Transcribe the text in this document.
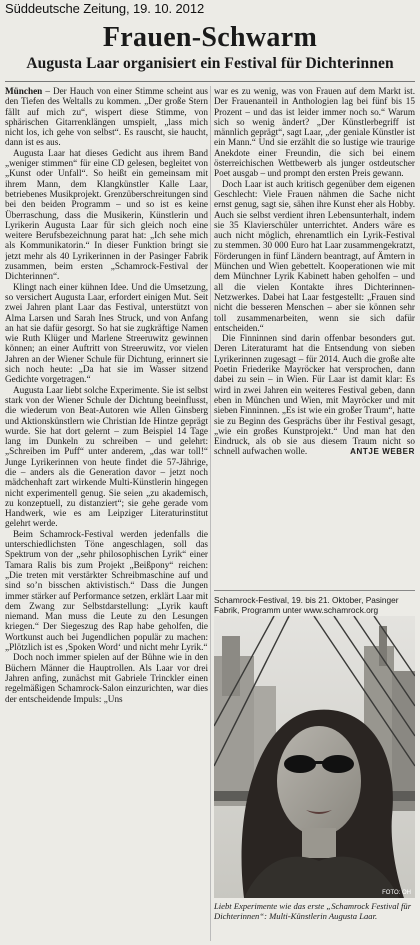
Süddeutsche Zeitung, 19. 10. 2012
Frauen-Schwarm
Augusta Laar organisiert ein Festival für Dichterinnen

München – Der Hauch von einer Stimme scheint aus den Tiefen des Weltalls zu kommen. „Der große Stern fällt auf mich zu“, wispert diese Stimme, von sphärischen Gitarrenklängen umspielt, „lass mich nicht los, ich gehe von selbst“. Es rauscht, sie haucht, dann ist es aus.

Augusta Laar hat dieses Gedicht aus ihrem Band „weniger stimmen“ für eine CD gelesen, begleitet von „Kunst oder Unfall“. So heißt ein gemeinsam mit ihrem Mann, dem Klangkünstler Kalle Laar, betriebenes Musikprojekt. Grenzüberschreitungen sind bei den beiden Programm – und so ist es keine Überraschung, dass die Musikerin, Künstlerin und Lyrikerin Augusta Laar für sich gleich noch eine weitere Berufsbezeichnung parat hat: „Ich sehe mich als Kommunikatorin.“ In dieser Funktion bringt sie jetzt mehr als 40 Lyrikerinnen in der Pasinger Fabrik zusammen, beim ersten „Schamrock-Festival der Dichterinnen“.

Klingt nach einer kühnen Idee. Und die Umsetzung, so versichert Augusta Laar, erfordert einigen Mut. Seit zwei Jahren plant Laar das Festival, unterstützt von Alma Larsen und Sarah Ines Struck, und von Anfang an hat sie dafür gesorgt. So hat sie zugkräftige Namen wie Ruth Klüger und Marlene Streeruwitz gewinnen können; an einer Auftritt von Streeruwitz, vor vielen Jahren an der Wiener Schule für Dichtung, erinnert sie sich noch heute: „Da hat sie im Wasser sitzend Gedichte vorgetragen.“

Augusta Laar liebt solche Experimente. Sie ist selbst stark von der Wiener Schule der Dichtung beeinflusst, die wiederum von Beat-Autoren wie Allen Ginsberg und Aktionskünstlern wie Christian Ide Hintze geprägt wurde. Sie hat dort gelernt – zum Beispiel 14 Tage lang im Dunkeln zu schreiben – und gelehrt: „Schreiben im Puff“ unter anderem, „das war toll!“ Junge Lyrikerinnen von heute findet die 57-Jährige, die – anders als die Generation davor – jetzt noch mädchenhaft zart wirkende Multi-Künstlerin hingegen nicht experimentell genug. Sie seien „zu akademisch, zu konzeptuell, zu distanziert“; sie gehe gerade vom Handwerk, wie es am Leipziger Literaturinstitut gelehrt werde.

Beim Schamrock-Festival werden jedenfalls die unterschiedlichsten Töne angeschlagen, soll das Spektrum von der „sehr philosophischen Lyrik“ einer Tamara Ralis bis zum Projekt „Beißpony“ reichen: „Die treten mit verstärkter Schreibmaschine auf und sind so’n bisschen aktivistisch.“ Dass die Jungen immer stärker auf Performance setzen, erklärt Laar mit dem Zwang zur Selbstdarstellung: „Lyrik kauft niemand. Man muss die Leute zu den Lesungen kriegen.“ Der Siegeszug des Rap habe geholfen, die Wortkunst auch bei Jugendlichen populär zu machen: „Plötzlich ist es ‚Spoken Word‘ und nicht mehr Lyrik.“

Doch noch immer spielen auf der Bühne wie in den Büchern Männer die Hauptrollen. Als Laar vor drei Jahren anfing, zunächst mit Gabriele Trinckler einen regelmäßigen Schamrock-Salon einzurichten, war dies der entscheidende Impuls: „Uns

war es zu wenig, was von Frauen auf dem Markt ist. Der Frauenanteil in Anthologien lag bei fünf bis 15 Prozent – und das ist leider immer noch so.“ Warum sich so wenig ändert? „Der Künstlerbegriff ist männlich geprägt“, sagt Laar, „der geniale Künstler ist ein Mann.“ Und sie erzählt die so lustige wie traurige Anekdote einer Freundin, die sich bei einem österreichischen Wettbewerb als junger ostdeutscher Poet ausgab – und prompt den ersten Preis gewann.

Doch Laar ist auch kritisch gegenüber dem eigenen Geschlecht: Viele Frauen nähmen die Sache nicht ernst genug, sagt sie, sähen ihre Kunst eher als Hobby. Auch sie selbst verdient ihren Lebensunterhalt, indem sie 35 Klavierschüler unterrichtet. Anders wäre es auch nicht möglich, ehrenamtlich ein Lyrik-Festival zu stemmen. 30 000 Euro hat Laar zusammengekratzt, Förderungen in fünf Ländern beantragt, auf Ämtern in München und Wien gebettelt. Kooperationen wie mit dem Münchner Lyrik Kabinett haben geholfen – und all die vielen Kontakte ihres Dichterinnen-Netzwerkes. Dabei hat Laar festgestellt: „Frauen sind nicht die besseren Menschen – aber sie können sehr toll zusammenarbeiten, wenn sie sich dafür entscheiden.“

Die Finninnen sind darin offenbar besonders gut. Deren Literaturamt hat die Entsendung von sieben Lyrikerinnen zugesagt – für 2014. Auch die große alte Poetin Friederike Mayröcker hat versprochen, dann dabei zu sein – in Wien. Für Laar ist damit klar: Es wird in zwei Jahren ein weiteres Festival geben, dann eben in München und Wien, mit Mayröcker und mit sieben Finninnen. „Es ist wie ein großer Traum“, hatte sie zu Beginn des Gesprächs über ihr Festival gesagt, „wie ein großes Kunstprojekt.“ Und man hat den Eindruck, als ob sie aus diesem Traum nicht so schnell aufwachen wolle.	ANTJE WEBER

Schamrock-Festival, 19. bis 21. Oktober, Pasinger Fabrik, Programm unter www.schamrock.org
FOTO: OH
Liebt Experimente wie das erste „Schamrock Festival für Dichterinnen“: Multi-Künstlerin Augusta Laar.
